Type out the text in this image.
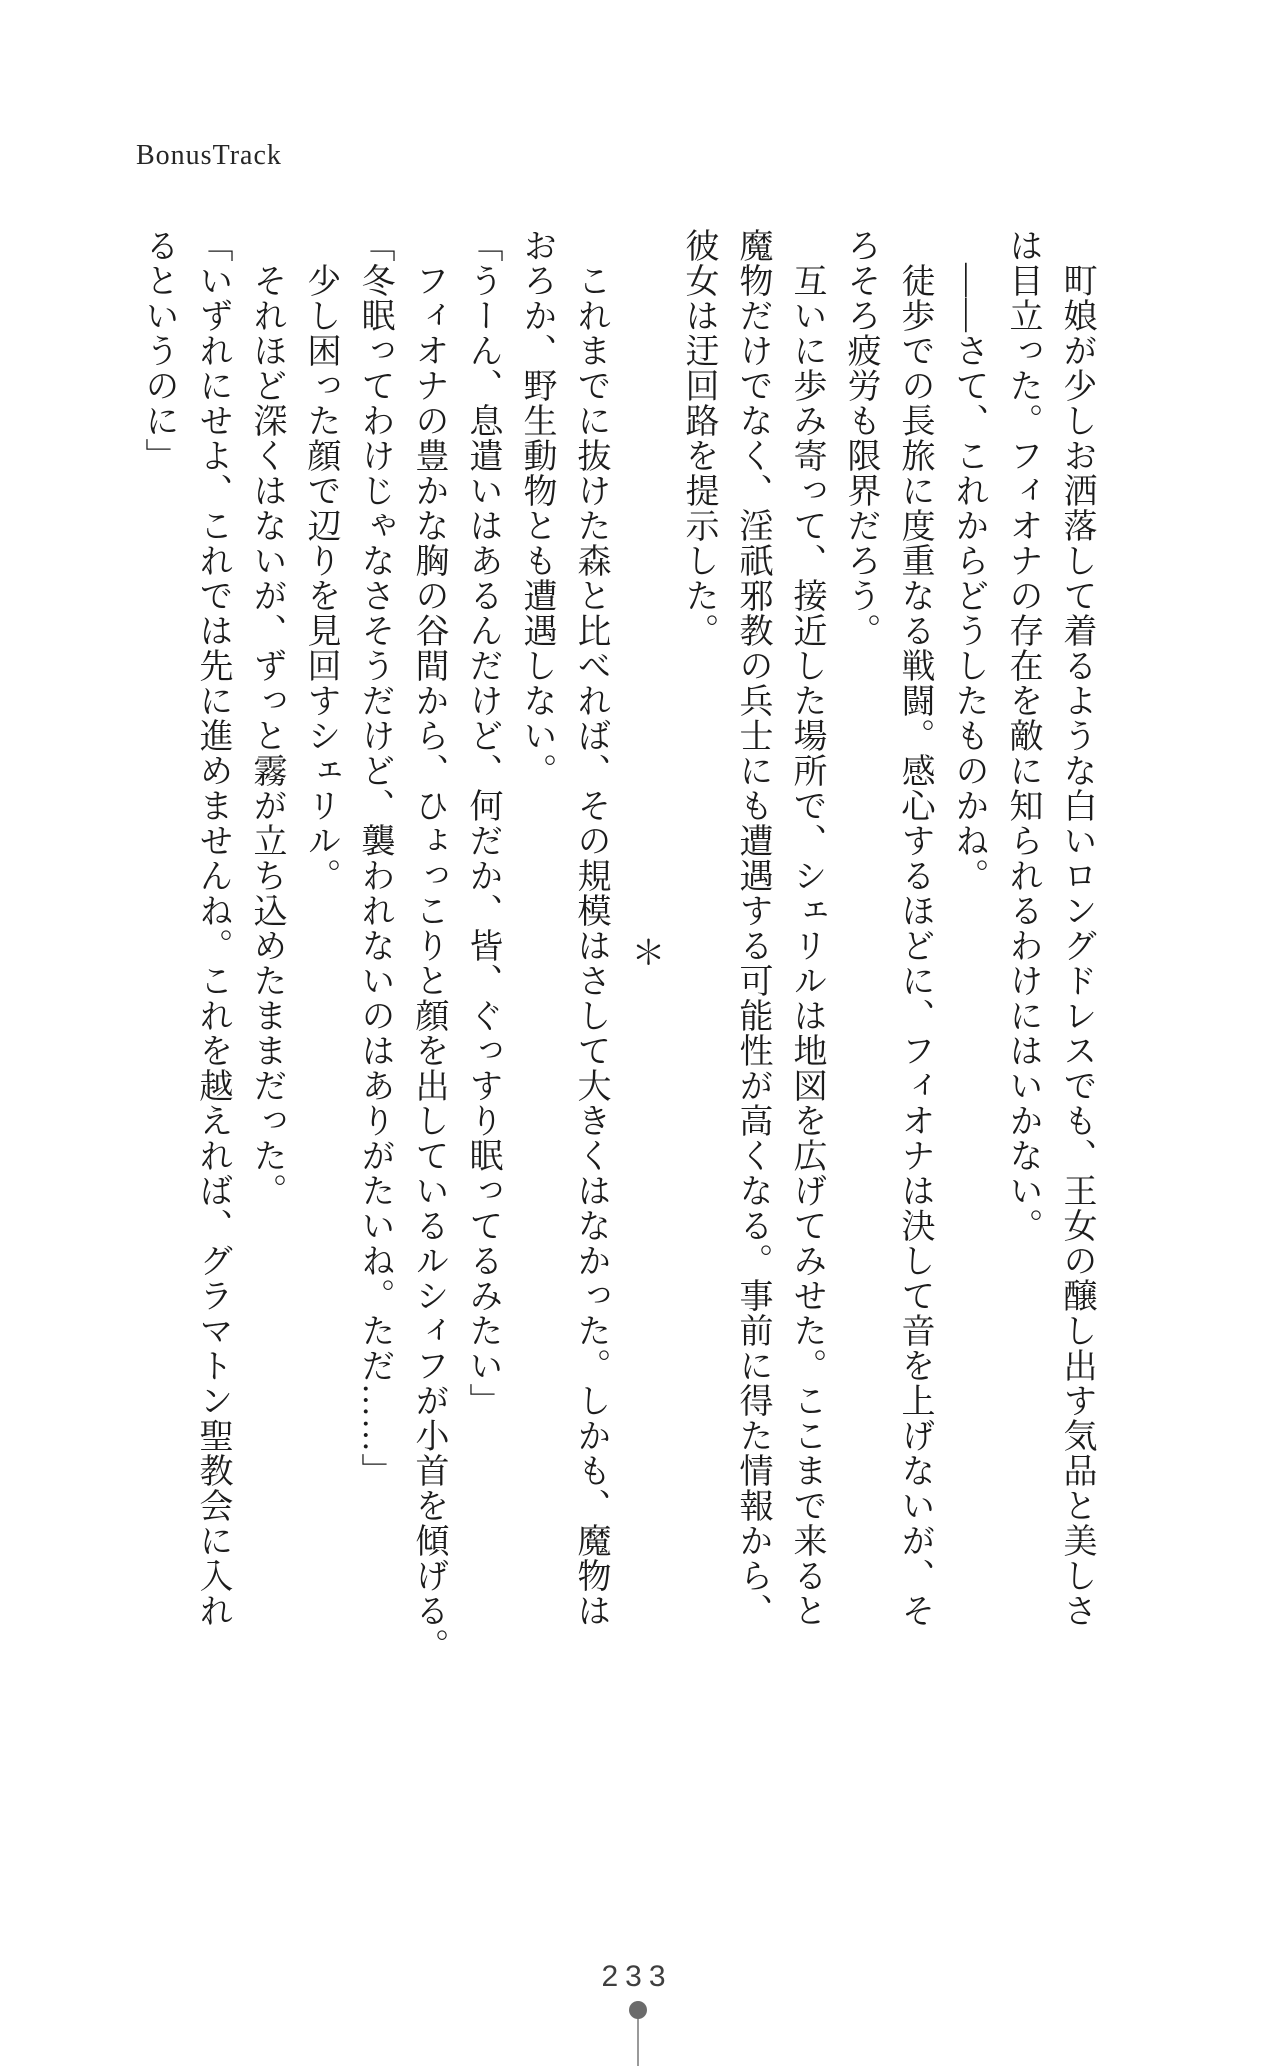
BonusTrack

町娘が少しお洒落して着るような白いロングドレスでも、王女の醸し出す気品と美しさ

は目立った。フィオナの存在を敵に知られるわけにはいかない。

――さて、これからどうしたものかね。

徒歩での長旅に度重なる戦闘。感心するほどに、フィオナは決して音を上げないが、そ

ろそろ疲労も限界だろう。

互いに歩み寄って、接近した場所で、シェリルは地図を広げてみせた。ここまで来ると

魔物だけでなく、淫祇邪教の兵士にも遭遇する可能性が高くなる。事前に得た情報から、

彼女は迂回路を提示した。

＊

これまでに抜けた森と比べれば、その規模はさして大きくはなかった。しかも、魔物は

おろか、野生動物とも遭遇しない。

「うーん、息遣いはあるんだけど、何だか、皆、ぐっすり眠ってるみたい」

フィオナの豊かな胸の谷間から、ひょっこりと顔を出しているルシィフが小首を傾げる。

「冬眠ってわけじゃなさそうだけど、襲われないのはありがたいね。ただ……」

少し困った顔で辺りを見回すシェリル。

それほど深くはないが、ずっと霧が立ち込めたままだった。

「いずれにせよ、これでは先に進めませんね。これを越えれば、グラマトン聖教会に入れ

るというのに」

233
